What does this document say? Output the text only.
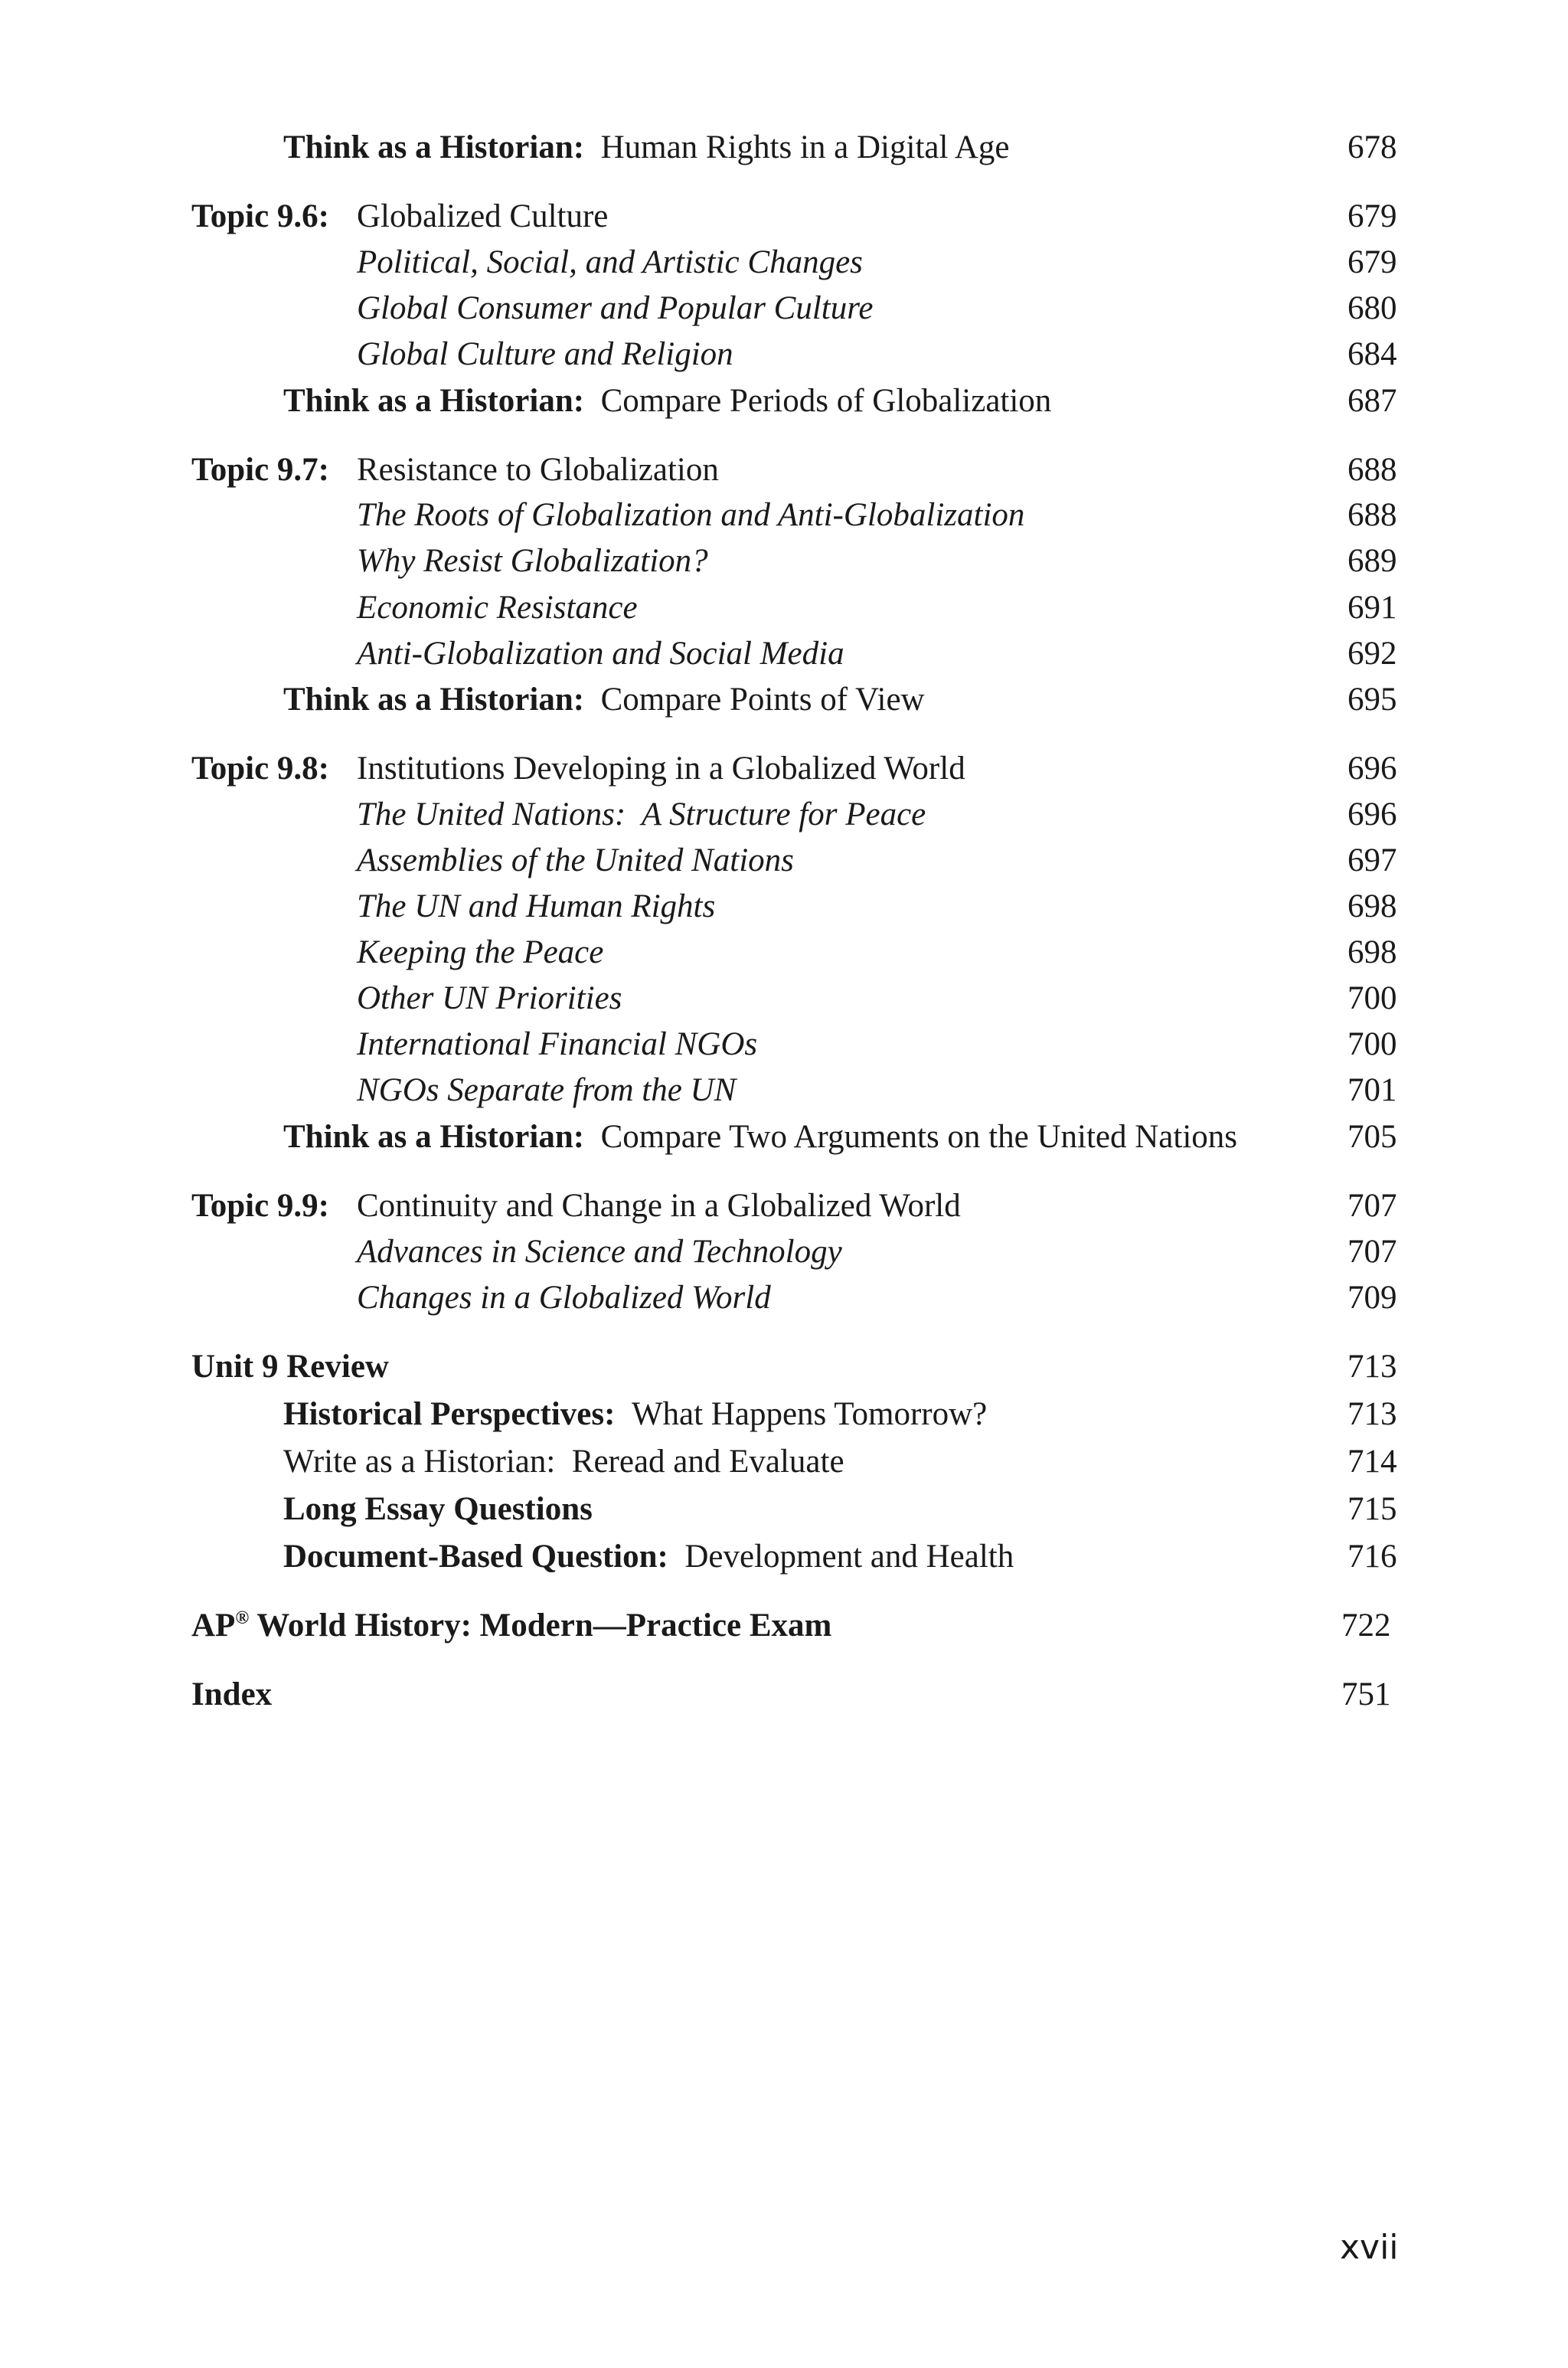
Think as a Historian: Human Rights in a Digital Age	678
Topic 9.6: Globalized Culture	679
Political, Social, and Artistic Changes	679
Global Consumer and Popular Culture	680
Global Culture and Religion	684
Think as a Historian: Compare Periods of Globalization	687
Topic 9.7: Resistance to Globalization	688
The Roots of Globalization and Anti-Globalization	688
Why Resist Globalization?	689
Economic Resistance	691
Anti-Globalization and Social Media	692
Think as a Historian: Compare Points of View	695
Topic 9.8: Institutions Developing in a Globalized World	696
The United Nations:  A Structure for Peace	696
Assemblies of the United Nations	697
The UN and Human Rights	698
Keeping the Peace	698
Other UN Priorities	700
International Financial NGOs	700
NGOs Separate from the UN	701
Think as a Historian: Compare Two Arguments on the United Nations	705
Topic 9.9: Continuity and Change in a Globalized World	707
Advances in Science and Technology	707
Changes in a Globalized World	709
Unit 9 Review	713
Historical Perspectives: What Happens Tomorrow?	713
Write as a Historian:  Reread and Evaluate	714
Long Essay Questions	715
Document-Based Question: Development and Health	716
AP® World History: Modern—Practice Exam	722
Index	751
xvii
